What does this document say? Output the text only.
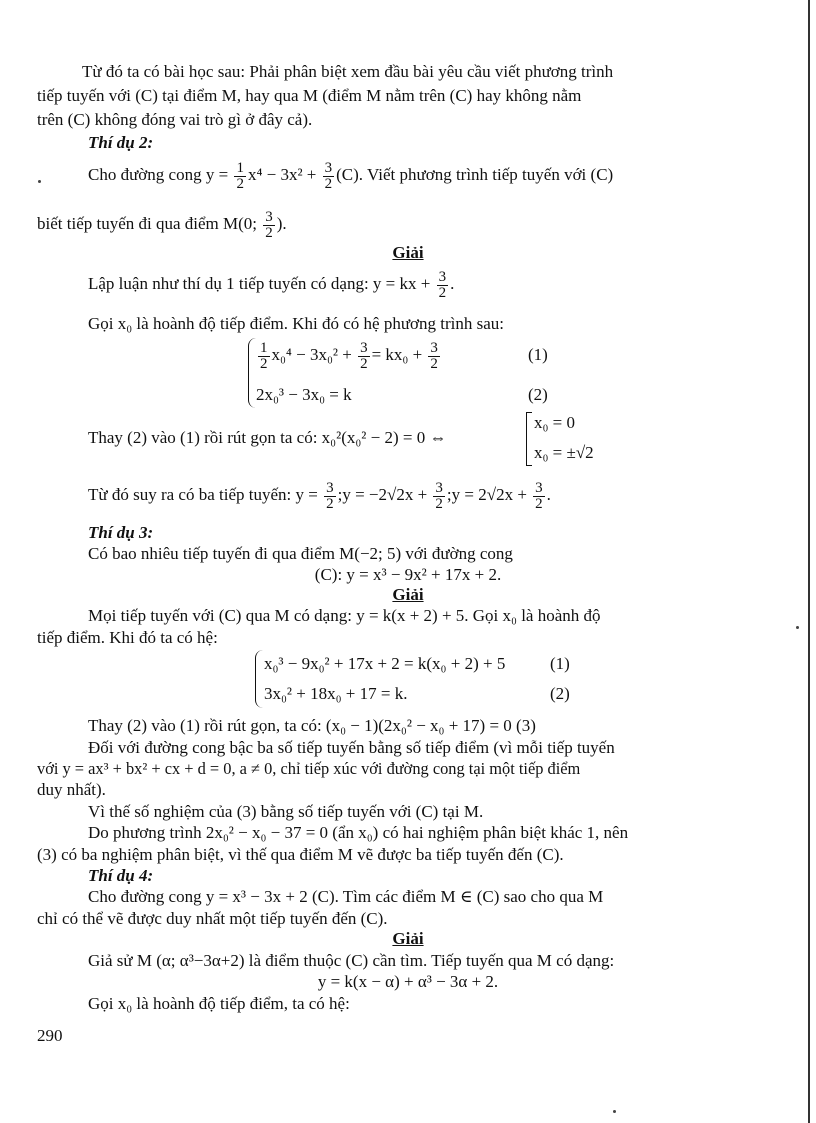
Từ đó ta có bài học sau: Phải phân biệt xem đầu bài yêu cầu viết phương trình
tiếp tuyến với (C) tại điểm M, hay qua M (điểm M nằm trên (C) hay không nằm
trên (C) không đóng vai trò gì ở đây cả).
Thí dụ 2:
Cho đường cong $y = \frac{1}{2} x^4 - 3x^2 + \frac{3}{2} (C)$. Viết phương trình tiếp tuyến với (C)
biết tiếp tuyến đi qua điểm M(0; $\frac{3}{2}$ ).
Giải
Lập luận như thí dụ 1 tiếp tuyến có dạng: y = kx + $\frac{3}{2}$ .
Gọi x₀ là hoành độ tiếp điểm. Khi đó có hệ phương trình sau:
$\frac{1}{2} x_0^4 - 3x_0^2 + \frac{3}{2} = kx_0 + \frac{3}{2}$	(1)
2x₀³ − 3x₀ = k	(2)
Thay (2) vào (1) rồi rút gọn ta có: x₀²(x₀² − 2) = 0 ⇔
x₀ = 0
x₀ = ±√2
Từ đó suy ra có ba tiếp tuyến: $y = \frac{3}{2}$ ;y = $-2√2x + \frac{3}{2}$ ;y = $2√2x + \frac{3}{2}$ .
Thí dụ 3:
Có bao nhiêu tiếp tuyến đi qua điểm M(−2; 5) với đường cong
(C): y = x³ − 9x² + 17x + 2.
Giải
Mọi tiếp tuyến với (C) qua M có dạng: y = k(x + 2) + 5. Gọi x₀ là hoành độ
tiếp điểm. Khi đó ta có hệ:
x₀³ − 9x₀² + 17x + 2 = k(x₀ + 2) + 5	(1)
3x₀² + 18x₀ + 17 = k.	(2)
Thay (2) vào (1) rồi rút gọn, ta có: (x₀ − 1)(2x₀² − x₀ + 17) = 0 (3)
Đối với đường cong bậc ba số tiếp tuyến bằng số tiếp điểm (vì mỗi tiếp tuyến
với y = ax³ + bx² + cx + d = 0, a ≠ 0, chỉ tiếp xúc với đường cong tại một tiếp điểm
duy nhất).
Vì thế số nghiệm của (3) bằng số tiếp tuyến với (C) tại M.
Do phương trình 2x₀² − x₀ − 37 = 0 (ẩn x₀) có hai nghiệm phân biệt khác 1, nên
(3) có ba nghiệm phân biệt, vì thế qua điểm M vẽ được ba tiếp tuyến đến (C).
Thí dụ 4:
Cho đường cong y = x³ − 3x + 2 (C). Tìm các điểm M ∈ (C) sao cho qua M
chỉ có thể vẽ được duy nhất một tiếp tuyến đến (C).
Giải
Giả sử M (α; α³−3α+2) là điểm thuộc (C) cần tìm. Tiếp tuyến qua M có dạng:
y = k(x − α) + α³ − 3α + 2.
Gọi x₀ là hoành độ tiếp điểm, ta có hệ:
290
